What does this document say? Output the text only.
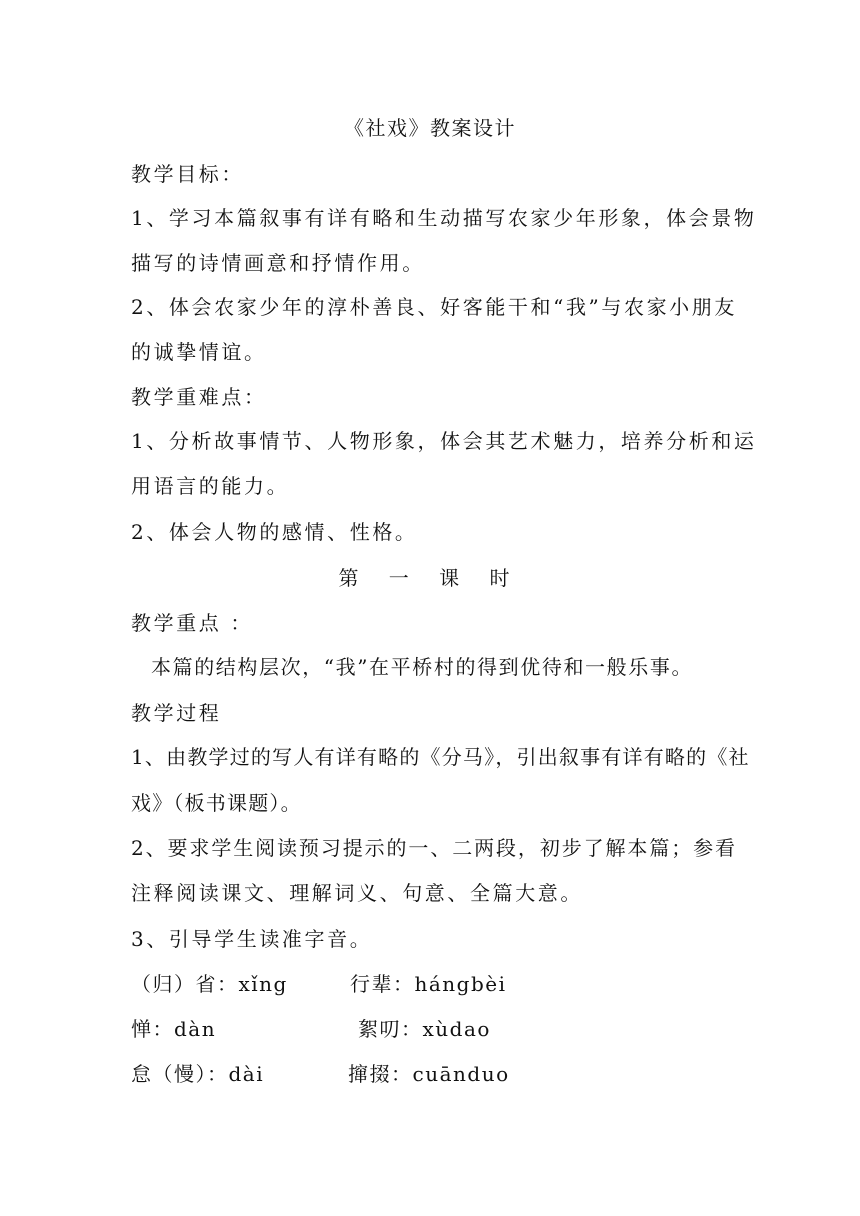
《社戏》教案设计
教学目标：
1、学习本篇叙事有详有略和生动描写农家少年形象，体会景物
描写的诗情画意和抒情作用。
2、体会农家少年的淳朴善良、好客能干和“我”与农家小朋友
的诚挚情谊。
教学重难点：
1、分析故事情节、人物形象，体会其艺术魅力，培养分析和运
用语言的能力。
2、体会人物的感情、性格。
第 一 课 时
教学重点 ：
本篇的结构层次，“我”在平桥村的得到优待和一般乐事。
教学过程
1、由教学过的写人有详有略的《分马》，引出叙事有详有略的《社
戏》（板书课题）。
2、要求学生阅读预习提示的一、二两段，初步了解本篇；参看
注释阅读课文、理解词义、句意、全篇大意。
3、引导学生读准字音。
（归）省：xǐng	行辈：hángbèi
惮：dàn	絮叨：xùdao
怠（慢）：dài	撺掇：cuānduo
